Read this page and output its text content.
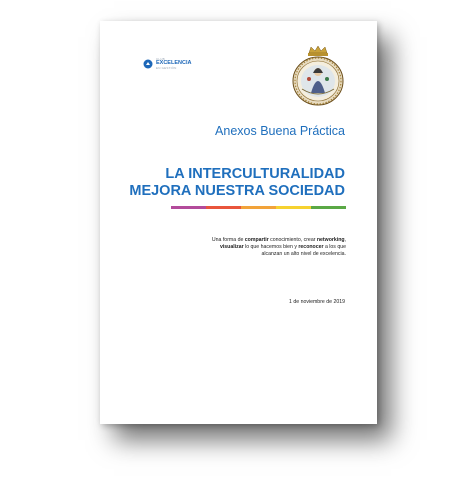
CLUB
EXCELENCIA
EN GESTIÓN
Anexos Buena Práctica
LA INTERCULTURALIDAD
MEJORA NUESTRA SOCIEDAD
Una forma de compartir conocimiento, crear networking, visualizar lo que hacemos bien y reconocer a los que alcanzan un alto nivel de excelencia.
1 de noviembre de 2019
